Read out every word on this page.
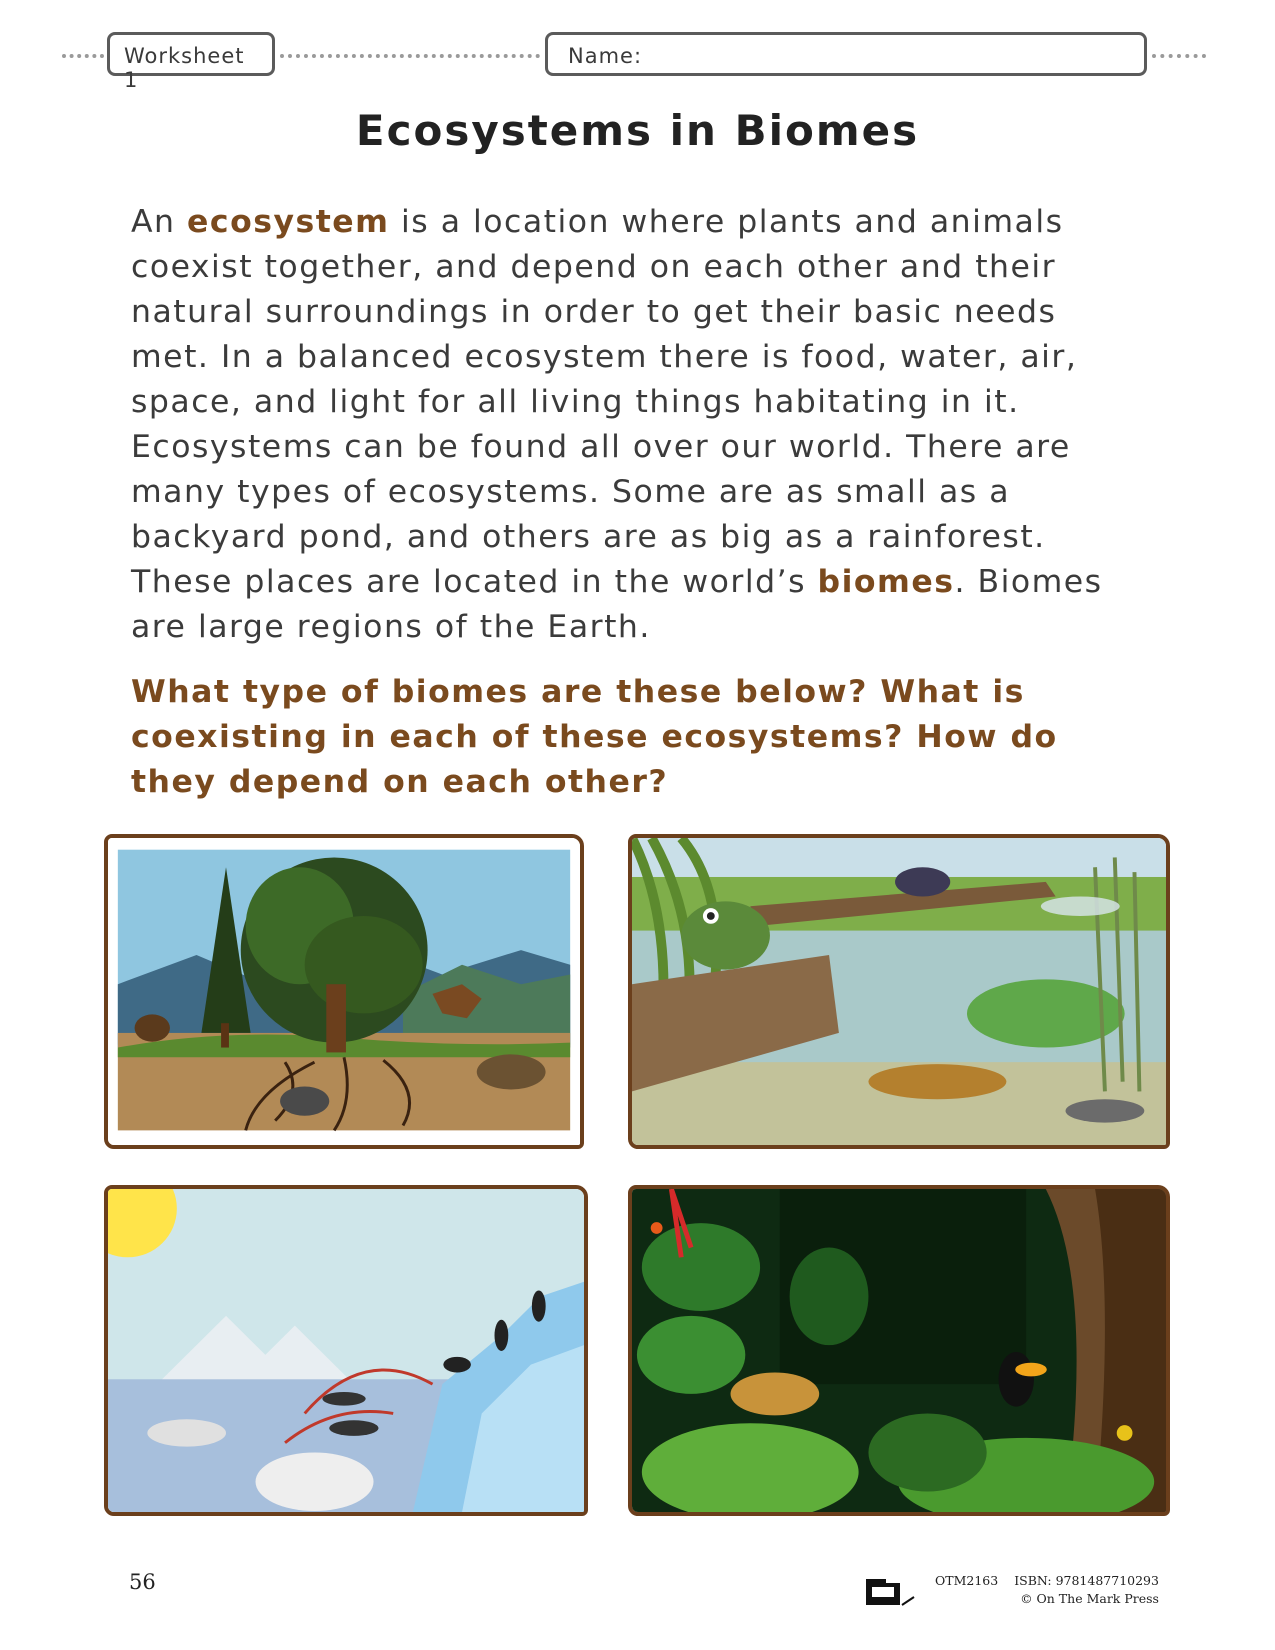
Worksheet 1
Name:
Ecosystems in Biomes

An ecosystem is a location where plants and animals coexist together, and depend on each other and their natural surroundings in order to get their basic needs met. In a balanced ecosystem there is food, water, air, space, and light for all living things habitating in it. Ecosystems can be found all over our world. There are many types of ecosystems. Some are as small as a backyard pond, and others are as big as a rainforest. These places are located in the world’s biomes. Biomes are large regions of the Earth.

What type of biomes are these below? What is coexisting in each of these ecosystems? How do they depend on each other?

56	OTM2163 ISBN: 9781487710293
© On The Mark Press
